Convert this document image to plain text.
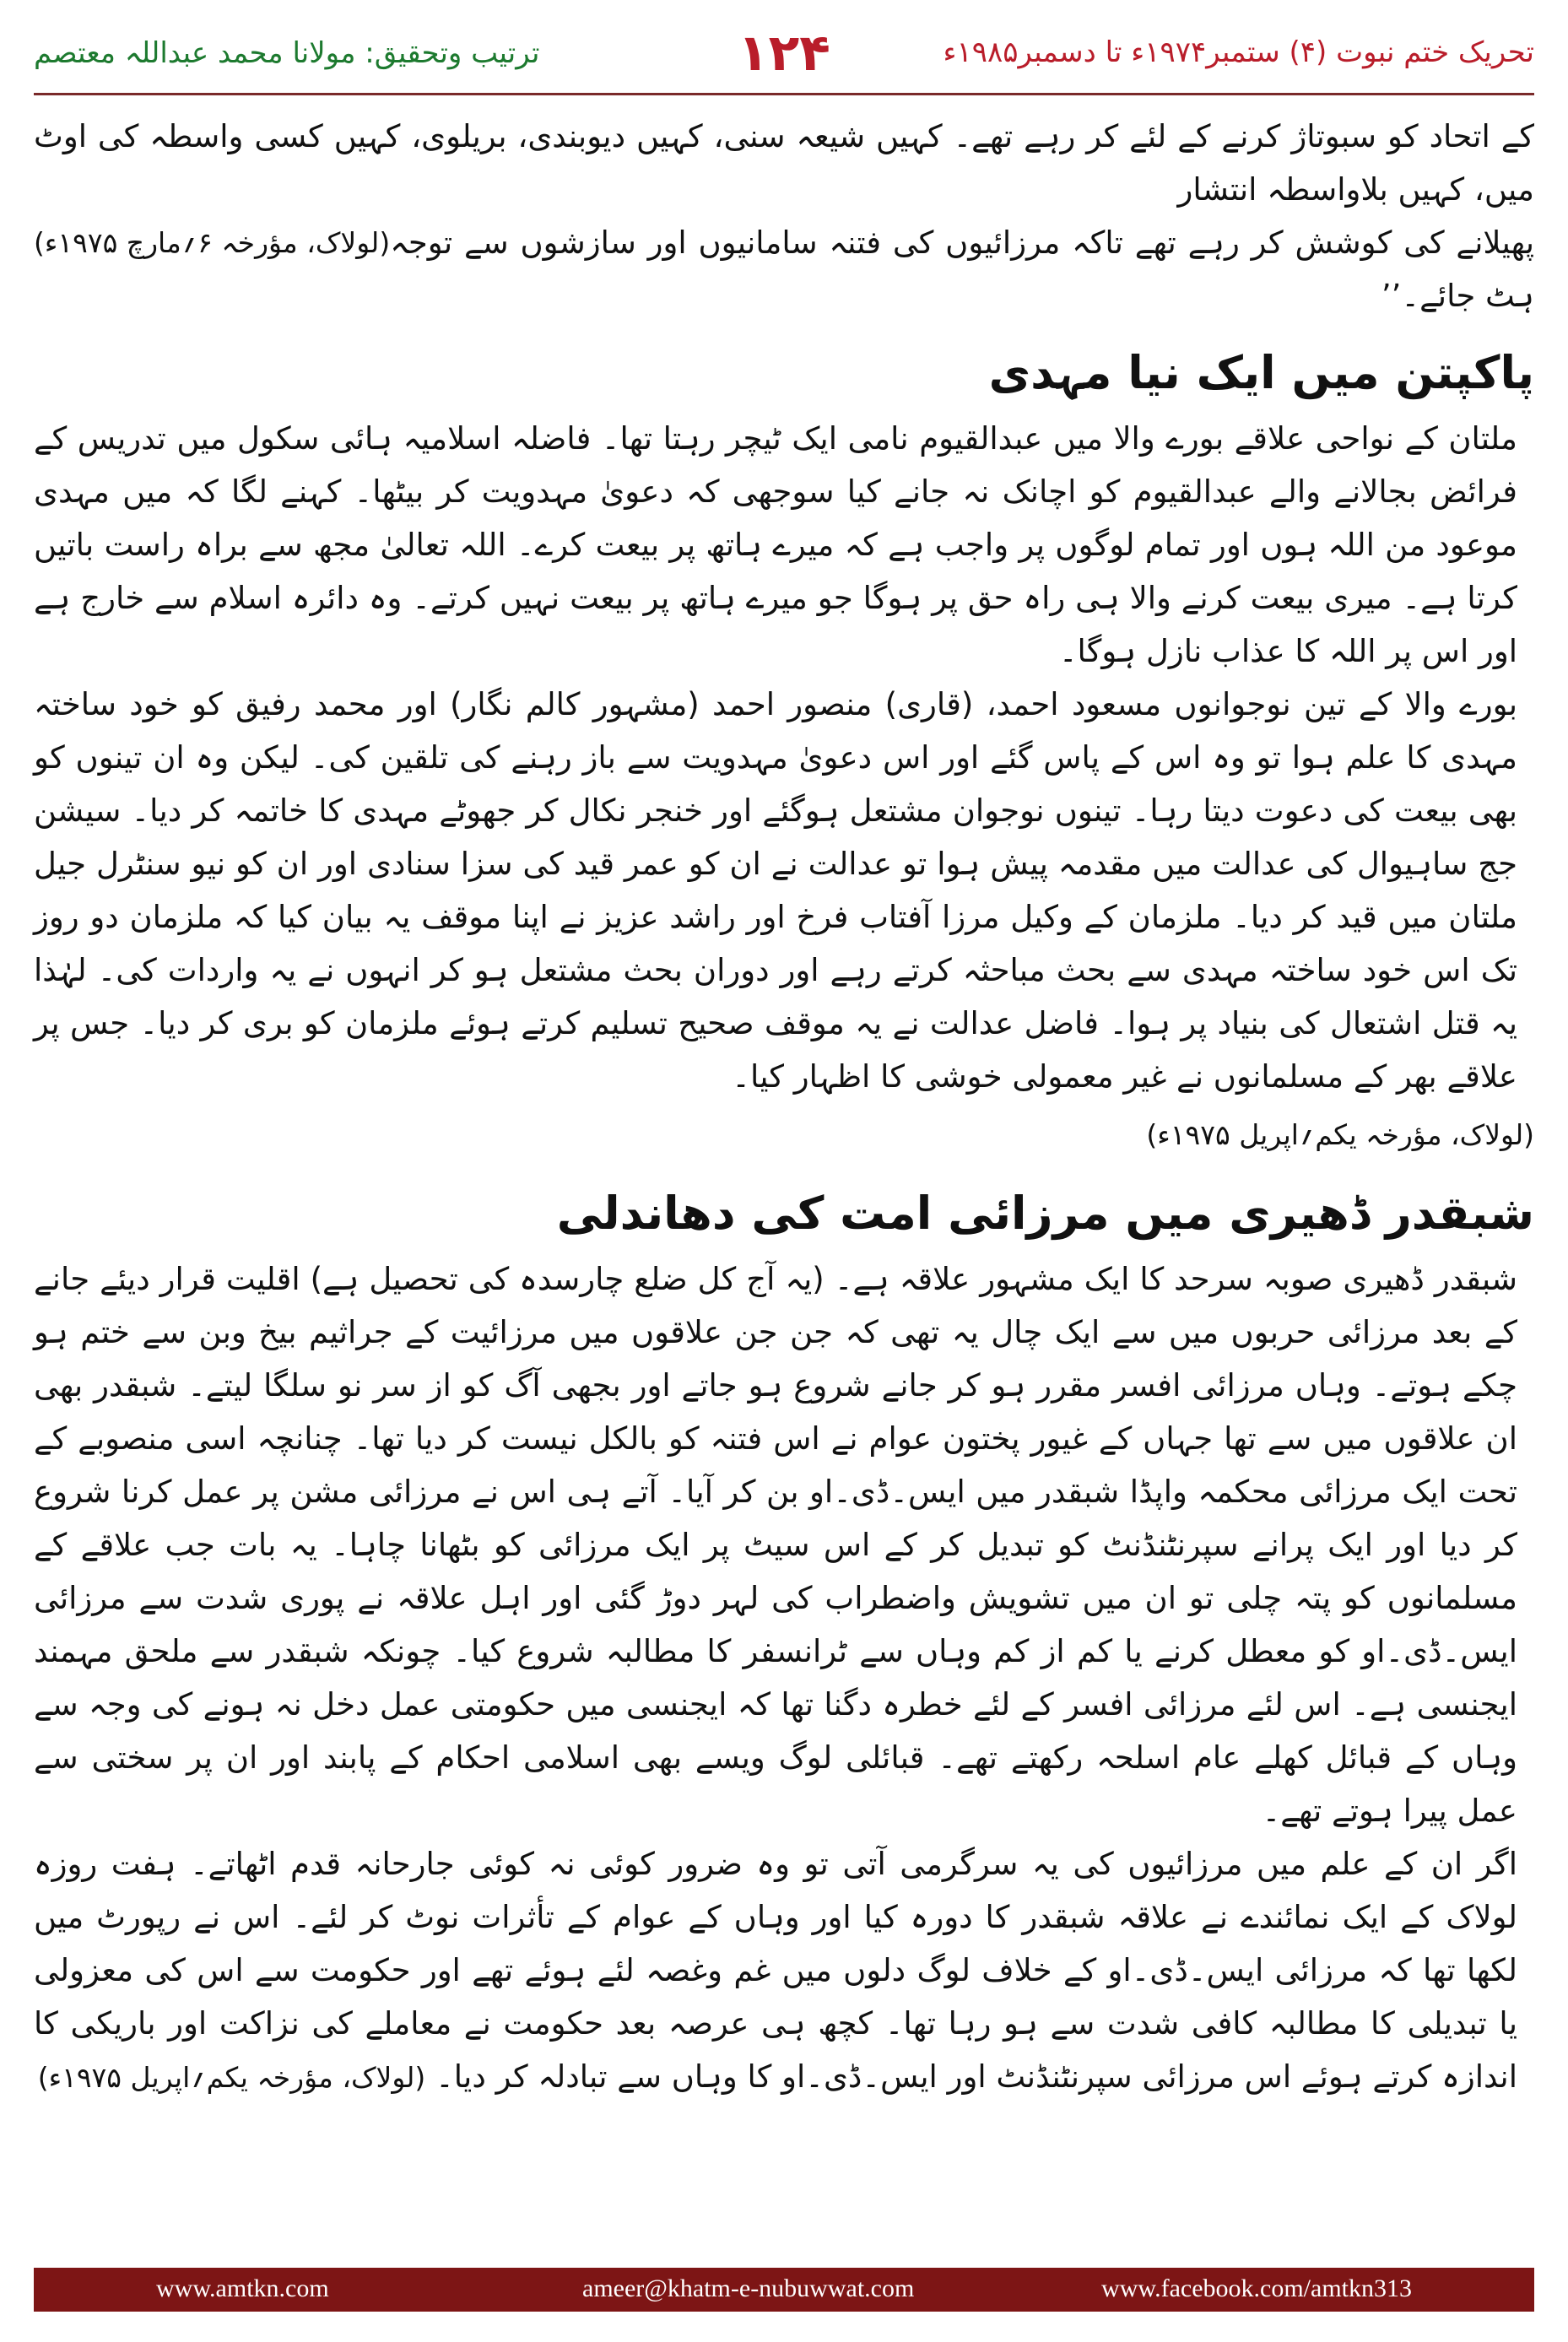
ترتیب وتحقیق: مولانا محمد عبداللہ معتصم	۱۲۴	تحریک ختم نبوت (۴) ستمبر۱۹۷۴ء تا دسمبر۱۹۸۵ء

کے اتحاد کو سبوتاژ کرنے کے لئے کر رہے تھے۔ کہیں شیعہ سنی، کہیں دیوبندی، بریلوی، کہیں کسی واسطہ کی اوٹ میں، کہیں بلاواسطہ انتشار

(لولاک، مؤرخہ ۶؍مارچ ۱۹۷۵ء) پھیلانے کی کوشش کر رہے تھے تاکہ مرزائیوں کی فتنہ سامانیوں اور سازشوں سے توجہ ہٹ جائے۔’’

پاکپتن میں ایک نیا مہدی

ملتان کے نواحی علاقے بورے والا میں عبدالقیوم نامی ایک ٹیچر رہتا تھا۔ فاضلہ اسلامیہ ہائی سکول میں تدریس کے فرائض بجالانے والے عبدالقیوم کو اچانک نہ جانے کیا سوجھی کہ دعویٰ مہدویت کر بیٹھا۔ کہنے لگا کہ میں مہدی موعود من اللہ ہوں اور تمام لوگوں پر واجب ہے کہ میرے ہاتھ پر بیعت کرے۔ اللہ تعالیٰ مجھ سے براہ راست باتیں کرتا ہے۔ میری بیعت کرنے والا ہی راہ حق پر ہوگا جو میرے ہاتھ پر بیعت نہیں کرتے۔ وہ دائرہ اسلام سے خارج ہے اور اس پر اللہ کا عذاب نازل ہوگا۔

بورے والا کے تین نوجوانوں مسعود احمد، (قاری) منصور احمد (مشہور کالم نگار) اور محمد رفیق کو خود ساختہ مہدی کا علم ہوا تو وہ اس کے پاس گئے اور اس دعویٰ مہدویت سے باز رہنے کی تلقین کی۔ لیکن وہ ان تینوں کو بھی بیعت کی دعوت دیتا رہا۔ تینوں نوجوان مشتعل ہوگئے اور خنجر نکال کر جھوٹے مہدی کا خاتمہ کر دیا۔ سیشن جج ساہیوال کی عدالت میں مقدمہ پیش ہوا تو عدالت نے ان کو عمر قید کی سزا سنادی اور ان کو نیو سنٹرل جیل ملتان میں قید کر دیا۔ ملزمان کے وکیل مرزا آفتاب فرخ اور راشد عزیز نے اپنا موقف یہ بیان کیا کہ ملزمان دو روز تک اس خود ساختہ مہدی سے بحث مباحثہ کرتے رہے اور دوران بحث مشتعل ہو کر انہوں نے یہ واردات کی۔ لہٰذا یہ قتل اشتعال کی بنیاد پر ہوا۔ فاضل عدالت نے یہ موقف صحیح تسلیم کرتے ہوئے ملزمان کو بری کر دیا۔ جس پر علاقے بھر کے مسلمانوں نے غیر معمولی خوشی کا اظہار کیا۔

(لولاک، مؤرخہ یکم؍اپریل ۱۹۷۵ء)
شبقدر ڈھیری میں مرزائی امت کی دھاندلی

شبقدر ڈھیری صوبہ سرحد کا ایک مشہور علاقہ ہے۔ (یہ آج کل ضلع چارسدہ کی تحصیل ہے) اقلیت قرار دیئے جانے کے بعد مرزائی حربوں میں سے ایک چال یہ تھی کہ جن جن علاقوں میں مرزائیت کے جراثیم بیخ وبن سے ختم ہو چکے ہوتے۔ وہاں مرزائی افسر مقرر ہو کر جانے شروع ہو جاتے اور بجھی آگ کو از سر نو سلگا لیتے۔ شبقدر بھی ان علاقوں میں سے تھا جہاں کے غیور پختون عوام نے اس فتنہ کو بالکل نیست کر دیا تھا۔ چنانچہ اسی منصوبے کے تحت ایک مرزائی محکمہ واپڈا شبقدر میں ایس۔ڈی۔او بن کر آیا۔ آتے ہی اس نے مرزائی مشن پر عمل کرنا شروع کر دیا اور ایک پرانے سپرنٹنڈنٹ کو تبدیل کر کے اس سیٹ پر ایک مرزائی کو بٹھانا چاہا۔ یہ بات جب علاقے کے مسلمانوں کو پتہ چلی تو ان میں تشویش واضطراب کی لہر دوڑ گئی اور اہل علاقہ نے پوری شدت سے مرزائی ایس۔ڈی۔او کو معطل کرنے یا کم از کم وہاں سے ٹرانسفر کا مطالبہ شروع کیا۔ چونکہ شبقدر سے ملحق مہمند ایجنسی ہے۔ اس لئے مرزائی افسر کے لئے خطرہ دگنا تھا کہ ایجنسی میں حکومتی عمل دخل نہ ہونے کی وجہ سے وہاں کے قبائل کھلے عام اسلحہ رکھتے تھے۔ قبائلی لوگ ویسے بھی اسلامی احکام کے پابند اور ان پر سختی سے عمل پیرا ہوتے تھے۔

اگر ان کے علم میں مرزائیوں کی یہ سرگرمی آتی تو وہ ضرور کوئی نہ کوئی جارحانہ قدم اٹھاتے۔ ہفت روزہ لولاک کے ایک نمائندے نے علاقہ شبقدر کا دورہ کیا اور وہاں کے عوام کے تأثرات نوٹ کر لئے۔ اس نے رپورٹ میں لکھا تھا کہ مرزائی ایس۔ڈی۔او کے خلاف لوگ دلوں میں غم وغصہ لئے ہوئے تھے اور حکومت سے اس کی معزولی یا تبدیلی کا مطالبہ کافی شدت سے ہو رہا تھا۔ کچھ ہی عرصہ بعد حکومت نے معاملے کی نزاکت اور باریکی کا اندازہ کرتے ہوئے اس مرزائی سپرنٹنڈنٹ اور ایس۔ڈی۔او کا وہاں سے تبادلہ کر دیا۔ (لولاک، مؤرخہ یکم؍اپریل ۱۹۷۵ء)

www.amtkn.com	ameer@khatm-e-nubuwwat.com	www.facebook.com/amtkn313
